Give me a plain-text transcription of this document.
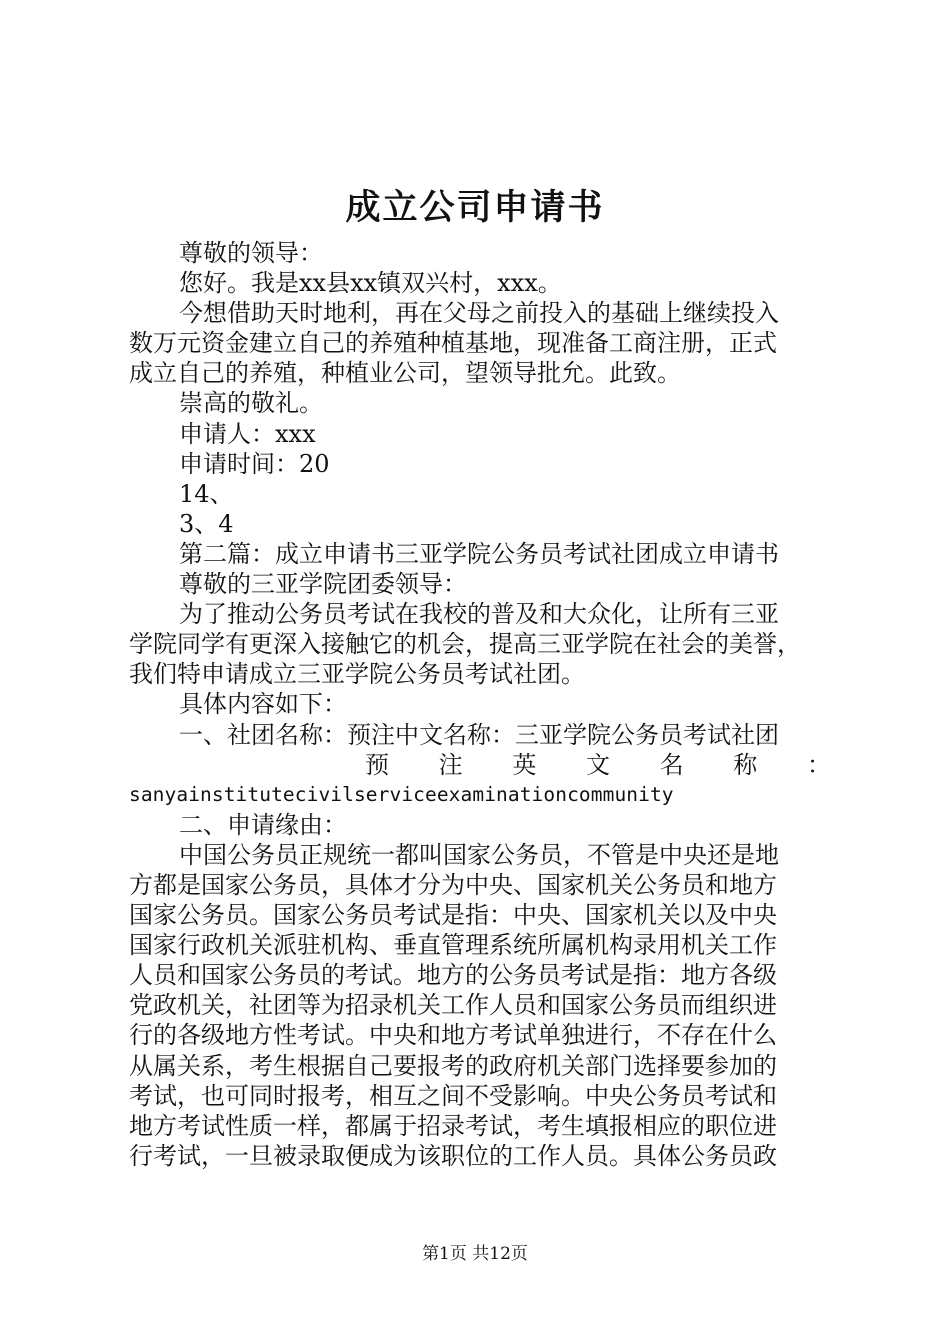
成立公司申请书
尊敬的领导：
您好。我是xx县xx镇双兴村，xxx。
今想借助天时地利，再在父母之前投入的基础上继续投入
数万元资金建立自己的养殖种植基地，现准备工商注册，正式
成立自己的养殖，种植业公司，望领导批允。此致。
崇高的敬礼。
申请人：xxx
申请时间：20
14、
3、4
第二篇：成立申请书三亚学院公务员考试社团成立申请书
尊敬的三亚学院团委领导：
为了推动公务员考试在我校的普及和大众化，让所有三亚
学院同学有更深入接触它的机会，提高三亚学院在社会的美誉，
我们特申请成立三亚学院公务员考试社团。
具体内容如下：
一、社团名称：预注中文名称：三亚学院公务员考试社团
预 注 英 文 名 称 ：
sanyainstitutecivilserviceexaminationcommunity
二、申请缘由：
中国公务员正规统一都叫国家公务员，不管是中央还是地
方都是国家公务员，具体才分为中央、国家机关公务员和地方
国家公务员。国家公务员考试是指：中央、国家机关以及中央
国家行政机关派驻机构、垂直管理系统所属机构录用机关工作
人员和国家公务员的考试。地方的公务员考试是指：地方各级
党政机关，社团等为招录机关工作人员和国家公务员而组织进
行的各级地方性考试。中央和地方考试单独进行，不存在什么
从属关系，考生根据自己要报考的政府机关部门选择要参加的
考试，也可同时报考，相互之间不受影响。中央公务员考试和
地方考试性质一样，都属于招录考试，考生填报相应的职位进
行考试，一旦被录取便成为该职位的工作人员。具体公务员政
第1页 共12页
